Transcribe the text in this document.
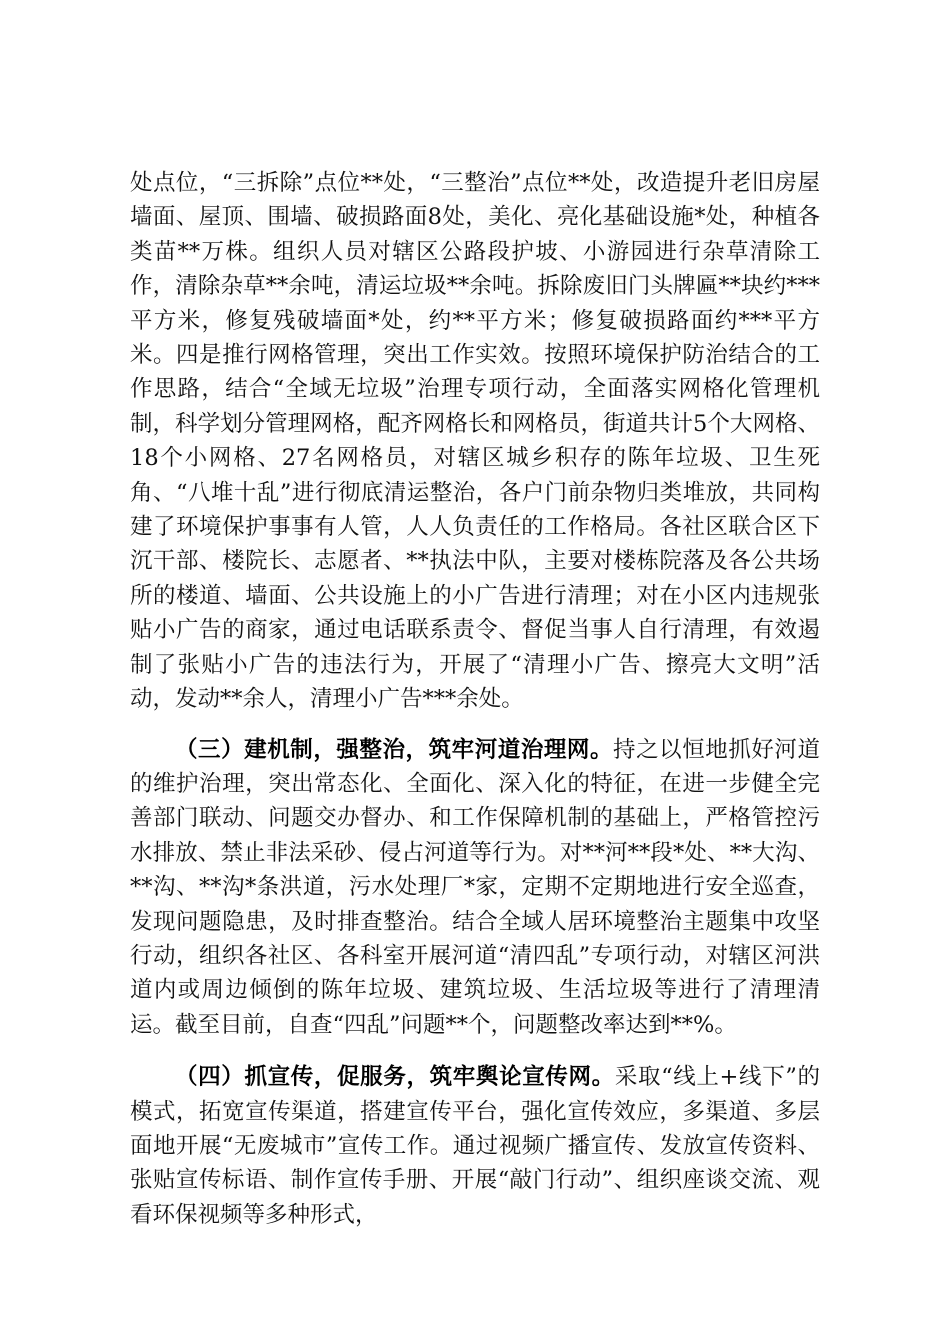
处点位，“三拆除”点位**处，“三整治”点位**处，改造提升老旧房屋墙面、屋顶、围墙、破损路面8处，美化、亮化基础设施*处，种植各类苗**万株。组织人员对辖区公路段护坡、小游园进行杂草清除工作，清除杂草**余吨，清运垃圾**余吨。拆除废旧门头牌匾**块约***平方米，修复残破墙面*处，约**平方米；修复破损路面约***平方米。四是推行网格管理，突出工作实效。按照环境保护防治结合的工作思路，结合“全域无垃圾”治理专项行动，全面落实网格化管理机制，科学划分管理网格，配齐网格长和网格员，街道共计5个大网格、18个小网格、27名网格员，对辖区城乡积存的陈年垃圾、卫生死角、“八堆十乱”进行彻底清运整治，各户门前杂物归类堆放，共同构建了环境保护事事有人管，人人负责任的工作格局。各社区联合区下沉干部、楼院长、志愿者、**执法中队，主要对楼栋院落及各公共场所的楼道、墙面、公共设施上的小广告进行清理；对在小区内违规张贴小广告的商家，通过电话联系责令、督促当事人自行清理，有效遏制了张贴小广告的违法行为，开展了“清理小广告、擦亮大文明”活动，发动**余人，清理小广告***余处。

（三）建机制，强整治，筑牢河道治理网。持之以恒地抓好河道的维护治理，突出常态化、全面化、深入化的特征，在进一步健全完善部门联动、问题交办督办、和工作保障机制的基础上，严格管控污水排放、禁止非法采砂、侵占河道等行为。对**河**段*处、**大沟、**沟、**沟*条洪道，污水处理厂*家，定期不定期地进行安全巡查，发现问题隐患，及时排查整治。结合全域人居环境整治主题集中攻坚行动，组织各社区、各科室开展河道“清四乱”专项行动，对辖区河洪道内或周边倾倒的陈年垃圾、建筑垃圾、生活垃圾等进行了清理清运。截至目前，自查“四乱”问题**个，问题整改率达到**%。

（四）抓宣传，促服务，筑牢舆论宣传网。采取“线上+线下”的模式，拓宽宣传渠道，搭建宣传平台，强化宣传效应，多渠道、多层面地开展“无废城市”宣传工作。通过视频广播宣传、发放宣传资料、张贴宣传标语、制作宣传手册、开展“敲门行动”、组织座谈交流、观看环保视频等多种形式，
